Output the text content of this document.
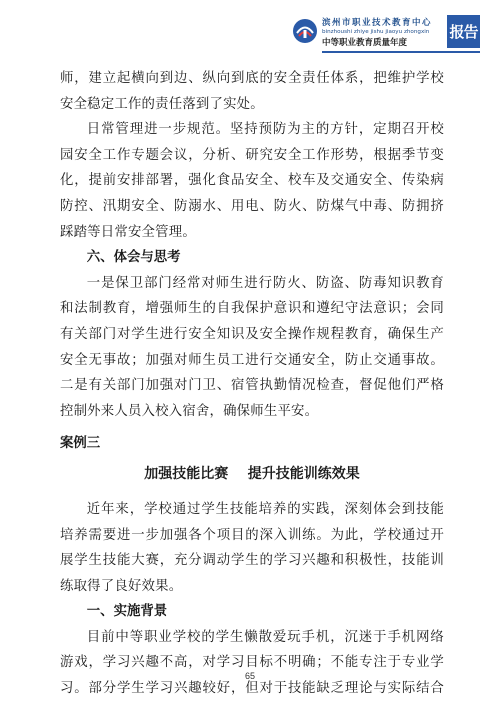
滨州市职业技术教育中心
binzhoushi zhiye jishu jiaoyu zhongxin
中等职业教育质量年度
报告

师，建立起横向到边、纵向到底的安全责任体系，把维护学校

安全稳定工作的责任落到了实处。

日常管理进一步规范。坚持预防为主的方针，定期召开校

园安全工作专题会议，分析、研究安全工作形势，根据季节变

化，提前安排部署，强化食品安全、校车及交通安全、传染病

防控、汛期安全、防溺水、用电、防火、防煤气中毒、防拥挤

踩踏等日常安全管理。

六、体会与思考

一是保卫部门经常对师生进行防火、防盗、防毒知识教育

和法制教育，增强师生的自我保护意识和遵纪守法意识；会同

有关部门对学生进行安全知识及安全操作规程教育，确保生产

安全无事故；加强对师生员工进行交通安全，防止交通事故。

二是有关部门加强对门卫、宿管执勤情况检查，督促他们严格

控制外来人员入校入宿舍，确保师生平安。

案例三
加强技能比赛    提升技能训练效果

近年来，学校通过学生技能培养的实践，深刻体会到技能

培养需要进一步加强各个项目的深入训练。为此，学校通过开

展学生技能大赛，充分调动学生的学习兴趣和积极性，技能训

练取得了良好效果。

一、实施背景

目前中等职业学校的学生懒散爱玩手机，沉迷于手机网络

游戏，学习兴趣不高，对学习目标不明确；不能专注于专业学

习。部分学生学习兴趣较好，但对于技能缺乏理论与实际结合

65
